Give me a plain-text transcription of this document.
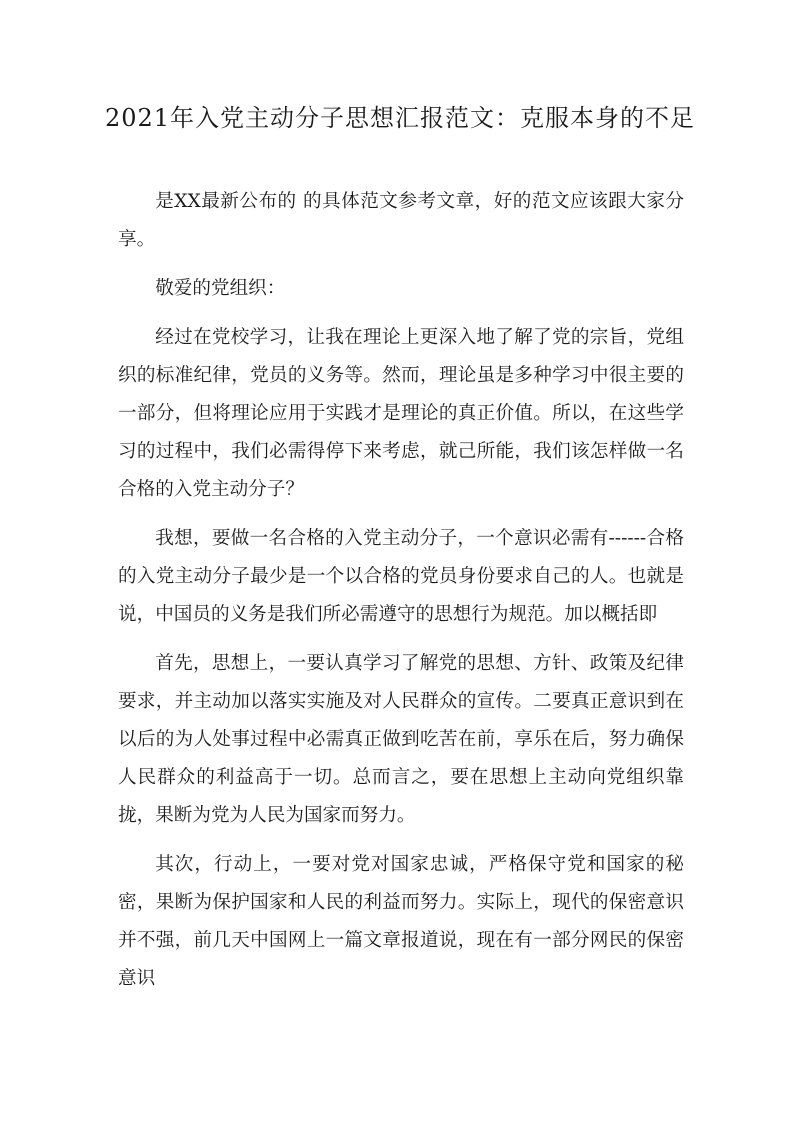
2021年入党主动分子思想汇报范文：克服本身的不足

是XX最新公布的 的具体范文参考文章，好的范文应该跟大家分享。

敬爱的党组织：

经过在党校学习，让我在理论上更深入地了解了党的宗旨，党组织的标准纪律，党员的义务等。然而，理论虽是多种学习中很主要的一部分，但将理论应用于实践才是理论的真正价值。所以，在这些学习的过程中，我们必需得停下来考虑，就己所能，我们该怎样做一名合格的入党主动分子？

我想，要做一名合格的入党主动分子，一个意识必需有------合格的入党主动分子最少是一个以合格的党员身份要求自己的人。也就是说，中国员的义务是我们所必需遵守的思想行为规范。加以概括即

首先，思想上，一要认真学习了解党的思想、方针、政策及纪律要求，并主动加以落实实施及对人民群众的宣传。二要真正意识到在以后的为人处事过程中必需真正做到吃苦在前，享乐在后，努力确保人民群众的利益高于一切。总而言之，要在思想上主动向党组织靠拢，果断为党为人民为国家而努力。

其次，行动上，一要对党对国家忠诚，严格保守党和国家的秘密，果断为保护国家和人民的利益而努力。实际上，现代的保密意识并不强，前几天中国网上一篇文章报道说，现在有一部分网民的保密意识
